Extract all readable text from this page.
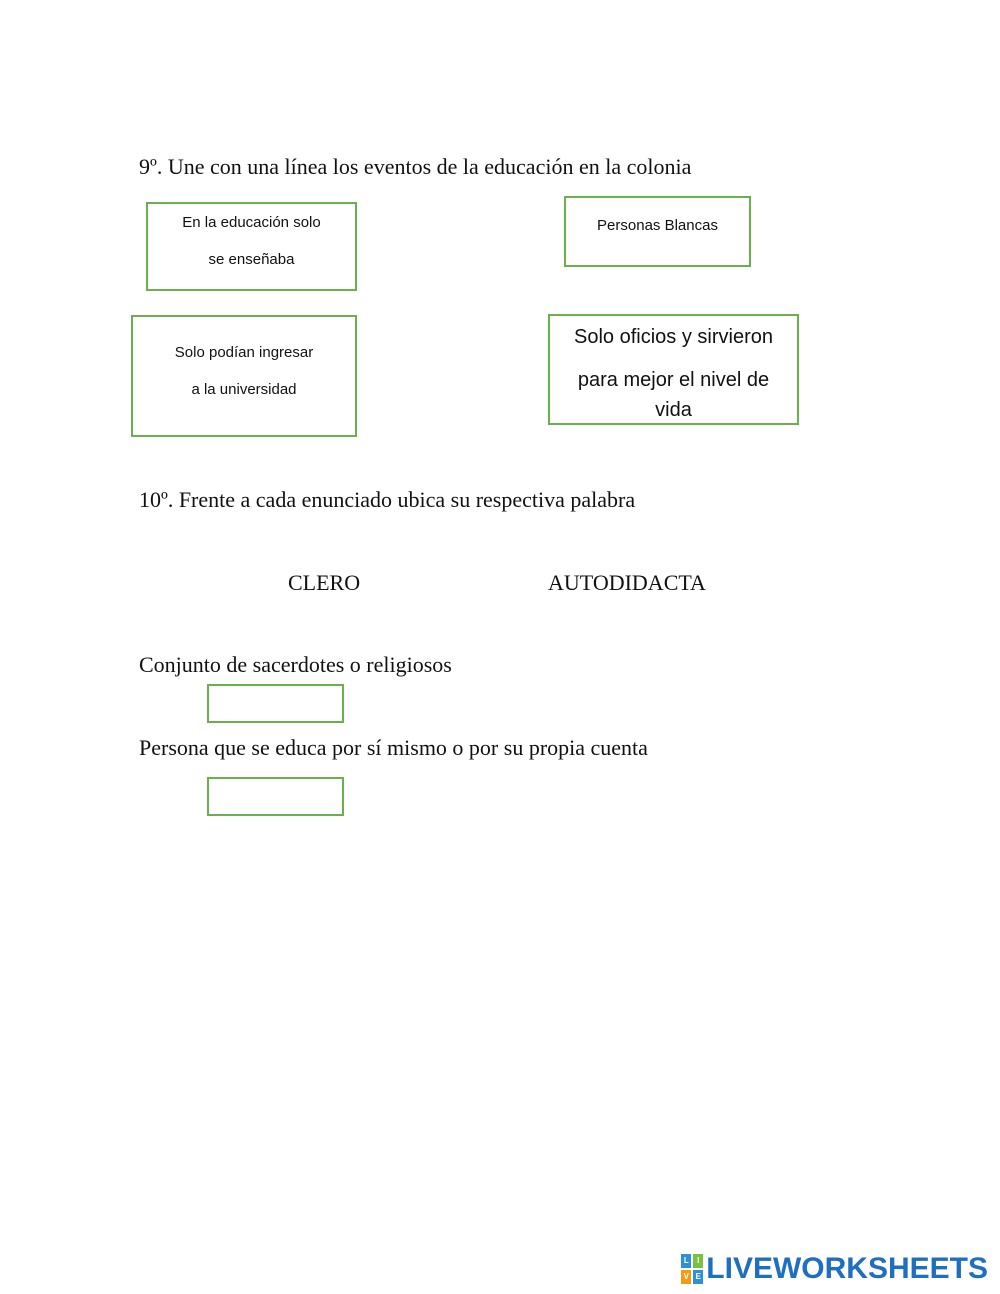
9º. Une con una línea los eventos de la educación en la colonia
En la educación solo
se enseñaba
Personas Blancas
Solo podían ingresar
a la universidad
Solo oficios y sirvieron
para mejor el nivel de
vida
10º. Frente a cada enunciado ubica su respectiva palabra
CLERO	AUTODIDACTA
Conjunto de sacerdotes o religiosos
Persona que se educa por sí mismo o por su propia cuenta
L	I
V E LIVEWORKSHEETS
